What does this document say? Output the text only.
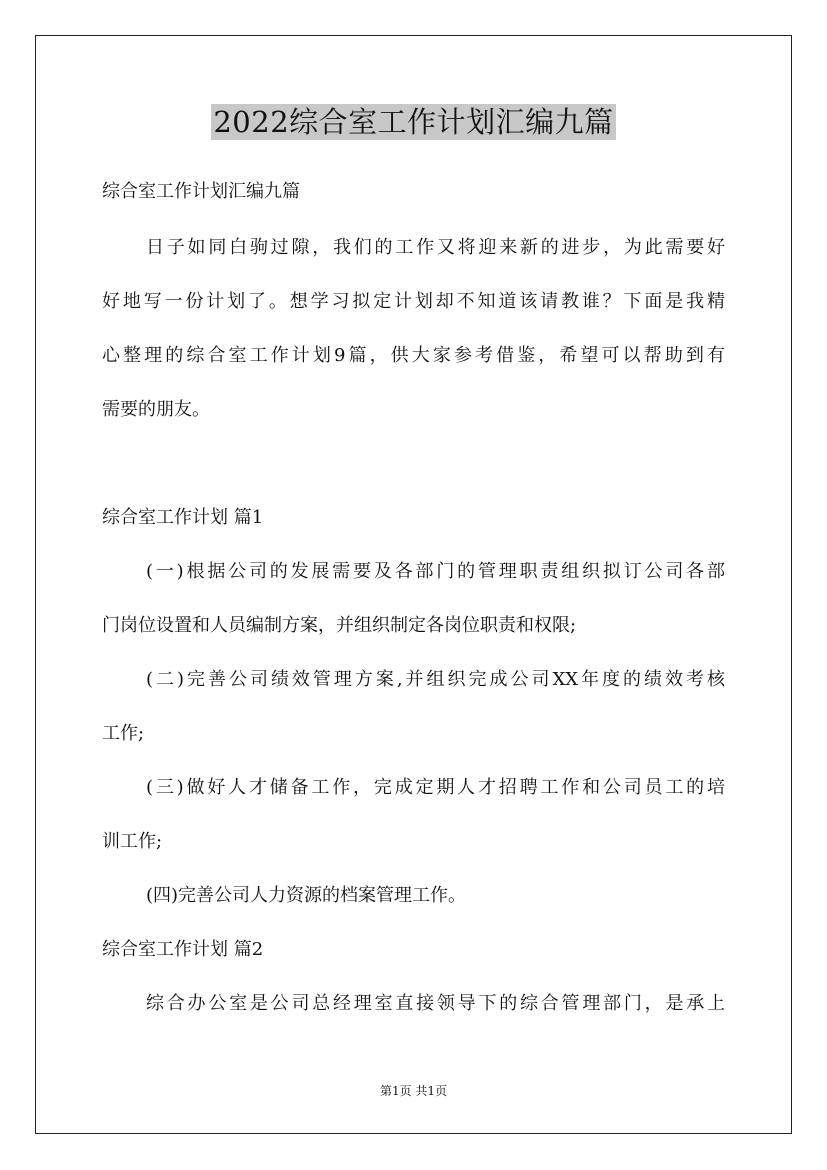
2022综合室工作计划汇编九篇
综合室工作计划汇编九篇
日子如同白驹过隙，我们的工作又将迎来新的进步，为此需要好
好地写一份计划了。想学习拟定计划却不知道该请教谁？下面是我精
心整理的综合室工作计划9篇，供大家参考借鉴，希望可以帮助到有
需要的朋友。
综合室工作计划 篇1
(一)根据公司的发展需要及各部门的管理职责组织拟订公司各部
门岗位设置和人员编制方案，并组织制定各岗位职责和权限;
(二)完善公司绩效管理方案,并组织完成公司XX年度的绩效考核
工作;
(三)做好人才储备工作，完成定期人才招聘工作和公司员工的培
训工作;
(四)完善公司人力资源的档案管理工作。
综合室工作计划 篇2
综合办公室是公司总经理室直接领导下的综合管理部门，是承上
第1页 共1页
